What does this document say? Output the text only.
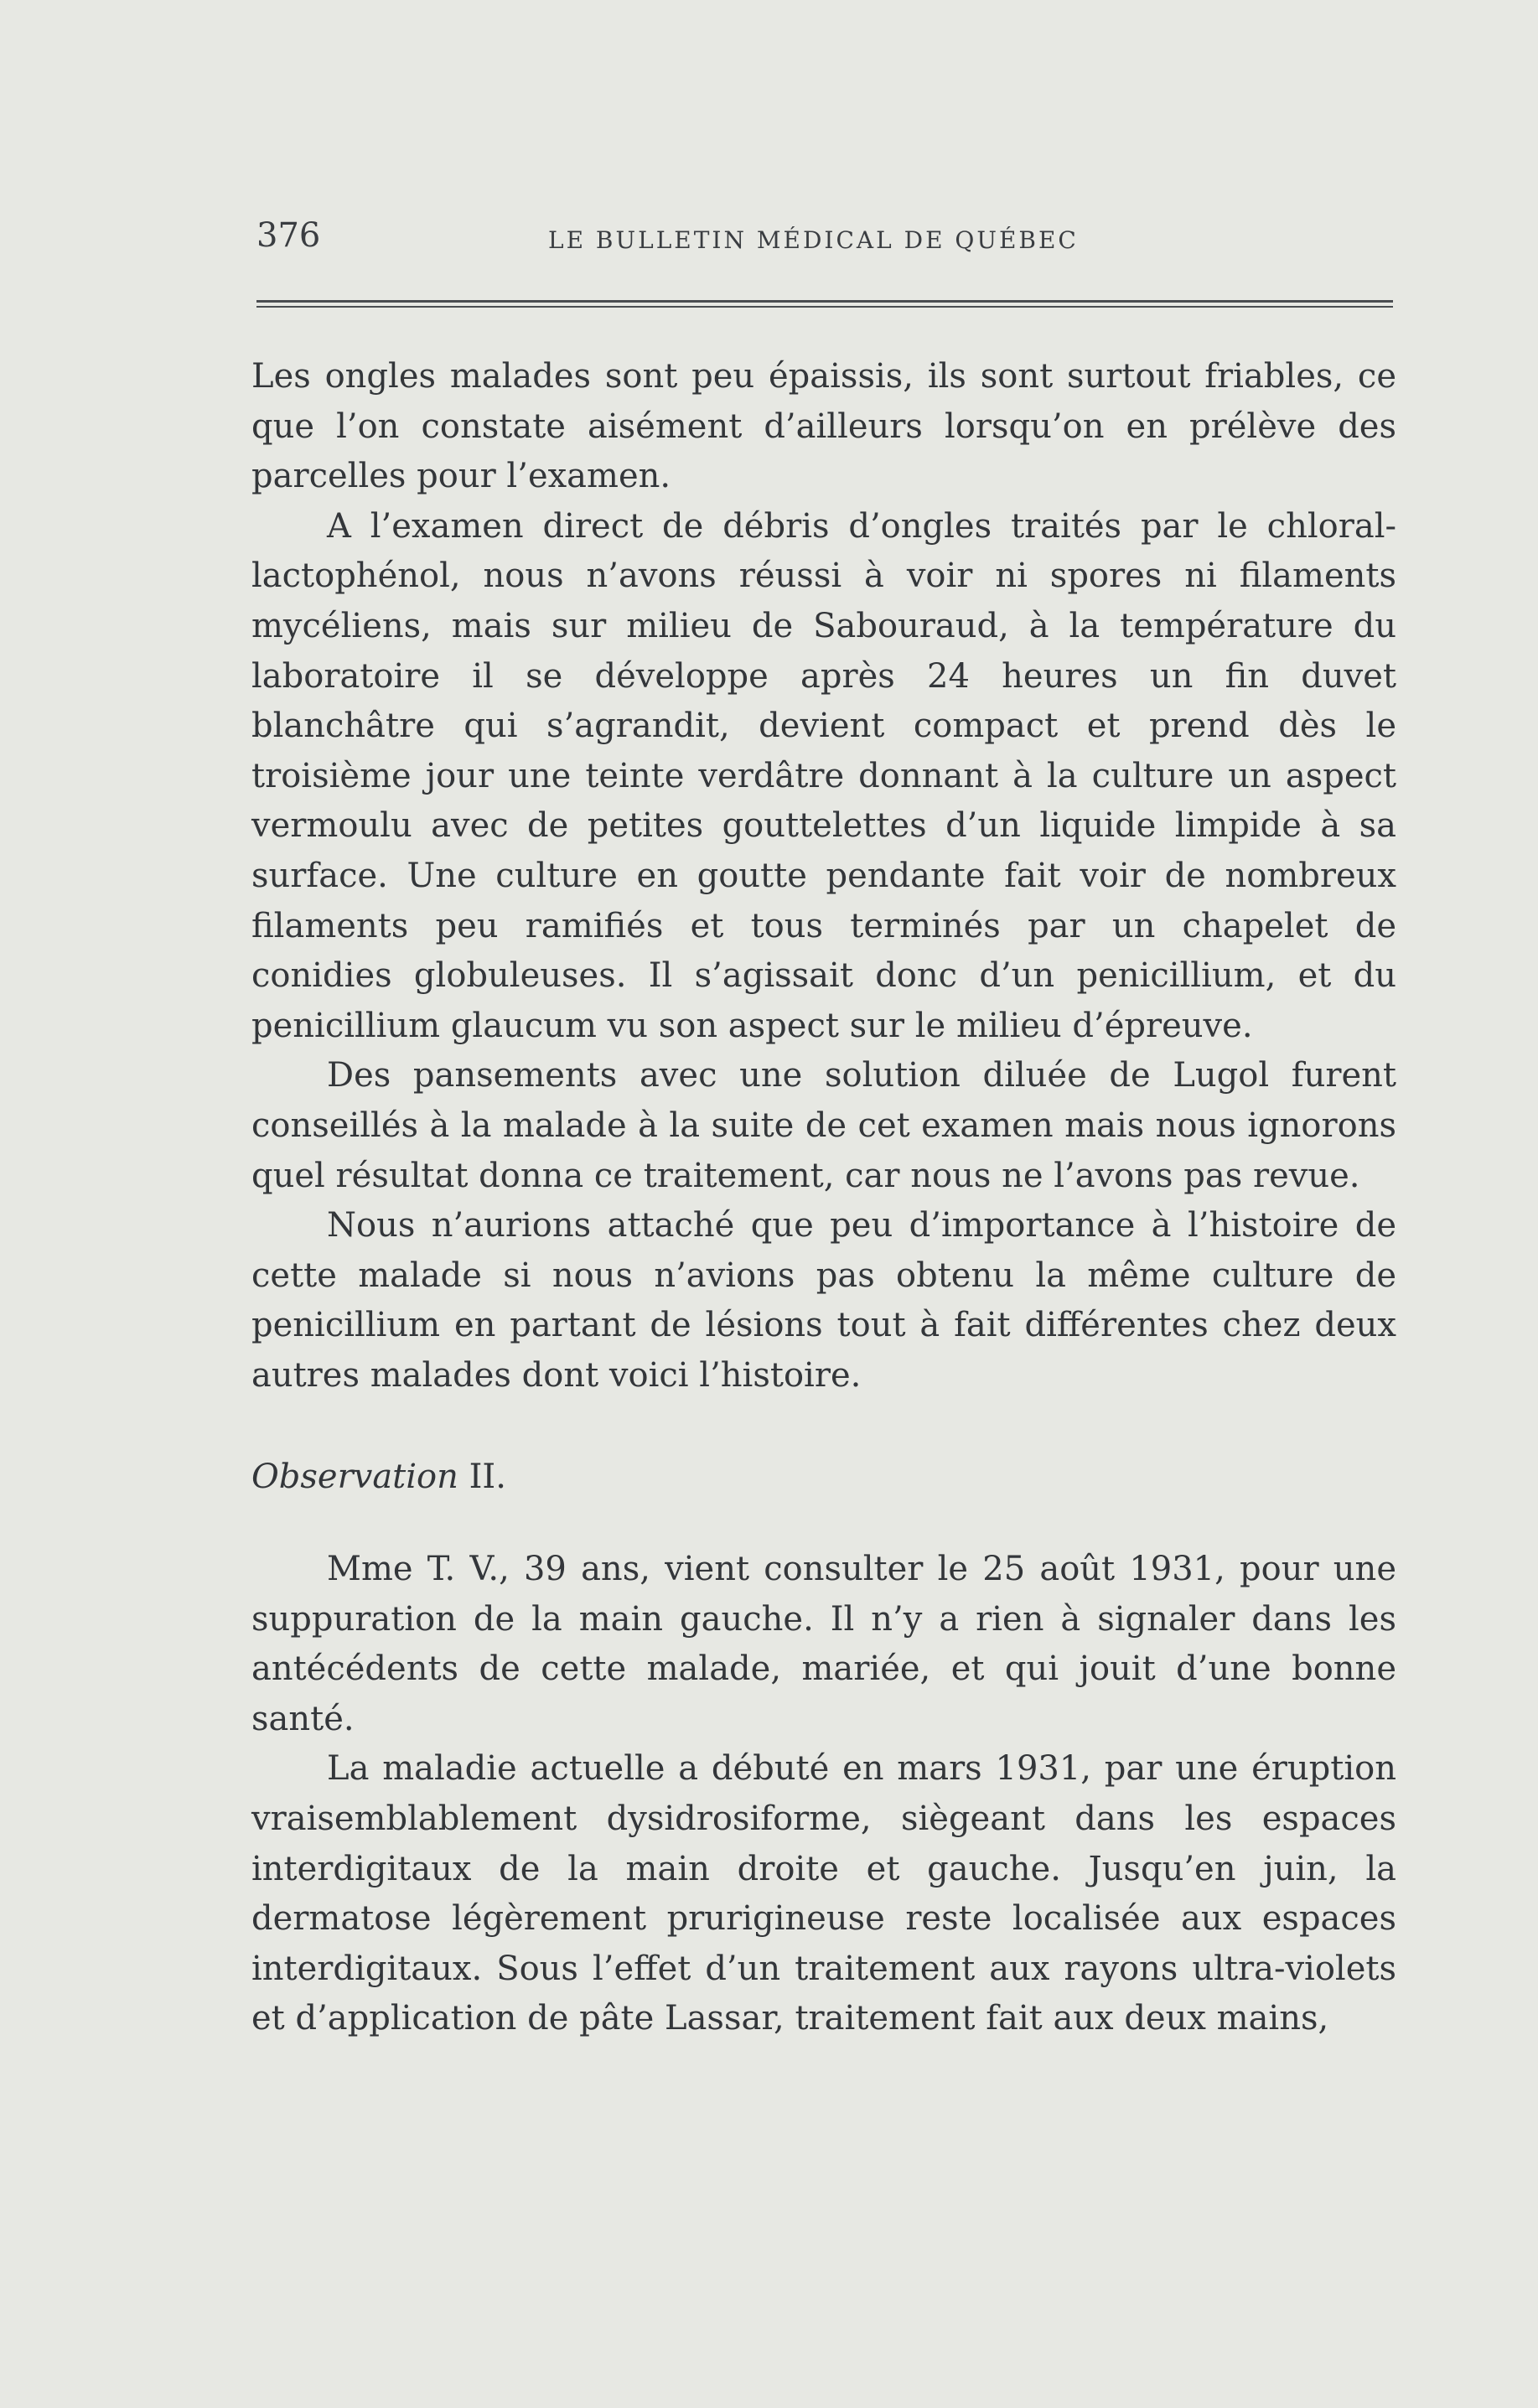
376	LE BULLETIN MÉDICAL DE QUÉBEC

Les ongles malades sont peu épaissis, ils sont surtout friables, ce que l’on constate aisément d’ailleurs lorsqu’on en prélève des parcelles pour l’examen.

A l’examen direct de débris d’ongles traités par le chloral-lactophénol, nous n’avons réussi à voir ni spores ni filaments mycéliens, mais sur milieu de Sabouraud, à la température du laboratoire il se développe après 24 heures un fin duvet blanchâtre qui s’agrandit, devient compact et prend dès le troisième jour une teinte verdâtre donnant à la culture un aspect vermoulu avec de petites gouttelettes d’un liquide limpide à sa surface. Une culture en goutte pendante fait voir de nombreux filaments peu ramifiés et tous terminés par un chapelet de conidies globuleuses. Il s’agissait donc d’un penicillium, et du penicillium glaucum vu son aspect sur le milieu d’épreuve.

Des pansements avec une solution diluée de Lugol furent conseillés à la malade à la suite de cet examen mais nous ignorons quel résultat donna ce traitement, car nous ne l’avons pas revue.

Nous n’aurions attaché que peu d’importance à l’histoire de cette malade si nous n’avions pas obtenu la même culture de penicillium en partant de lésions tout à fait différentes chez deux autres malades dont voici l’histoire.

Observation II.

Mme T. V., 39 ans, vient consulter le 25 août 1931, pour une suppuration de la main gauche. Il n’y a rien à signaler dans les antécédents de cette malade, mariée, et qui jouit d’une bonne santé.

La maladie actuelle a débuté en mars 1931, par une éruption vraisemblablement dysidrosiforme, siègeant dans les espaces interdigitaux de la main droite et gauche. Jusqu’en juin, la dermatose légèrement prurigineuse reste localisée aux espaces interdigitaux. Sous l’effet d’un traitement aux rayons ultra-violets et d’application de pâte Lassar, traitement fait aux deux mains,
